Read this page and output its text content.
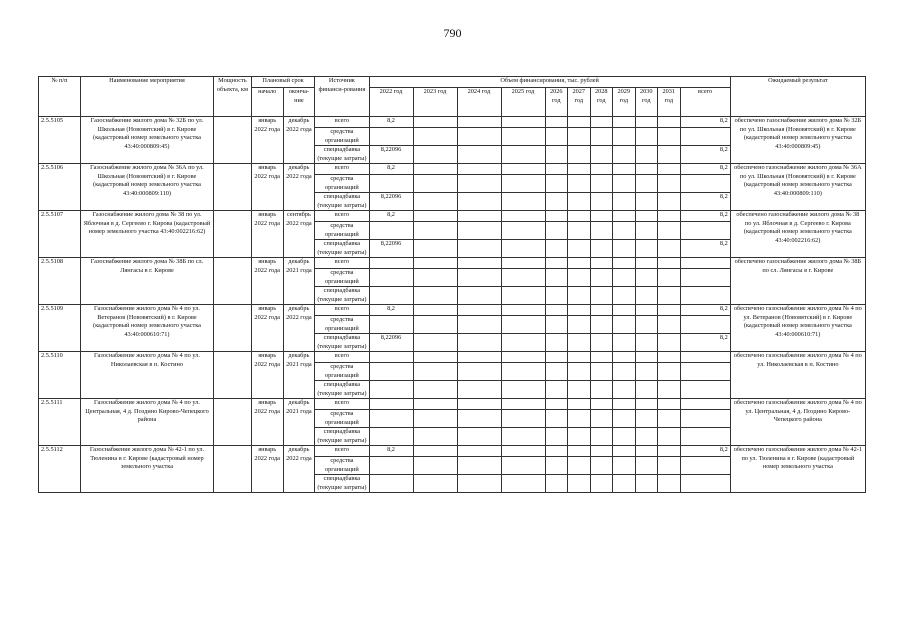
790
№ п/п	Наименование мероприятия	Мощность объекта, км	Плановый срок		Источник финанси-рования	Объем финансирования, тыс. рублей											Ожидаемый результат
			начало	оконча-ние		2022 год	2023 год	2024 год	2025 год	2026 год	2027 год	2028 год	2029 год	2030 год	2031 год	всего	
2.5.5105	Газоснабжение жилого дома № 32Б по ул. Школьная (Нововятский) в г. Кирове (кадастровый номер земельного участка 43:40:000809:45)		январь 2022 года	декабрь 2022 года	всего	8,2										8,2	обеспечено газоснабжение жилого дома № 32Б по ул. Школьная (Нововятский) в г. Кирове (кадастровый номер земельного участка 43:40:000809:45)
					средства организаций												
					спецнадбавка (текущие затраты)	8,22096										8,2	
2.5.5106	Газоснабжение жилого дома № 36А по ул. Школьная (Нововятский) в г. Кирове (кадастровый номер земельного участка 43:40:000809:110)		январь 2022 года	декабрь 2022 года	всего	8,2										8,2	обеспечено газоснабжение жилого дома № 36А по ул. Школьная (Нововятский) в г. Кирове (кадастровый номер земельного участка 43:40:000809:110)
					средства организаций												
					спецнадбавка (текущие затраты)	8,22096										8,2	
2.5.5107	Газоснабжение жилого дома № 38 по ул. Яблочная в д. Сергеево г. Кирова (кадастровый номер земельного участка 43:40:002216:62)		январь 2022 года	сентябрь 2022 года	всего	8,2										8,2	обеспечено газоснабжение жилого дома № 38 по ул. Яблочная в д. Сергеево г. Кирова (кадастровый номер земельного участка 43:40:002216:62)
					средства организаций												
					спецнадбавка (текущие затраты)	8,22096										8,2	
2.5.5108	Газоснабжение жилого дома № 38Б по сл. Лянгасы в г. Кирове		январь 2022 года	декабрь 2021 года	всего												обеспечено газоснабжение жилого дома № 38Б по сл. Лянгасы в г. Кирове
					средства организаций												
					спецнадбавка (текущие затраты)												
2.5.5109	Газоснабжение жилого дома № 4 по ул. Ветеранов (Нововятский) в г. Кирове (кадастровый номер земельного участка 43:40:000610:71)		январь 2022 года	декабрь 2022 года	всего	8,2										8,2	обеспечено газоснабжение жилого дома № 4 по ул. Ветеранов (Нововятский) в г. Кирове (кадастровый номер земельного участка 43:40:000610:71)
					средства организаций												
					спецнадбавка (текущие затраты)	8,22096										8,2	
2.5.5110	Газоснабжение жилого дома № 4 по ул. Николаевская в п. Костино		январь 2022 года	декабрь 2021 года	всего												обеспечено газоснабжение жилого дома № 4 по ул. Николаевская в п. Костино
					средства организаций												
					спецнадбавка (текущие затраты)												
2.5.5111	Газоснабжение жилого дома № 4 по ул. Центральная, 4 д. Поздино Кирово-Чепецкого района		январь 2022 года	декабрь 2021 года	всего												обеспечено газоснабжение жилого дома № 4 по ул. Центральная, 4 д. Поздино Кирово-Чепецкого района
					средства организаций												
					спецнадбавка (текущие затраты)												
2.5.5112	Газоснабжение жилого дома № 42-1 по ул. Тюленина в г. Кирове (кадастровый номер земельного участка		январь 2022 года	декабрь 2022 года	всего	8,2										8,2	обеспечено газоснабжение жилого дома № 42-1 по ул. Тюленина в г. Кирове (кадастровый номер земельного участка
					средства организаций												
					спецнадбавка (текущие затраты)												
